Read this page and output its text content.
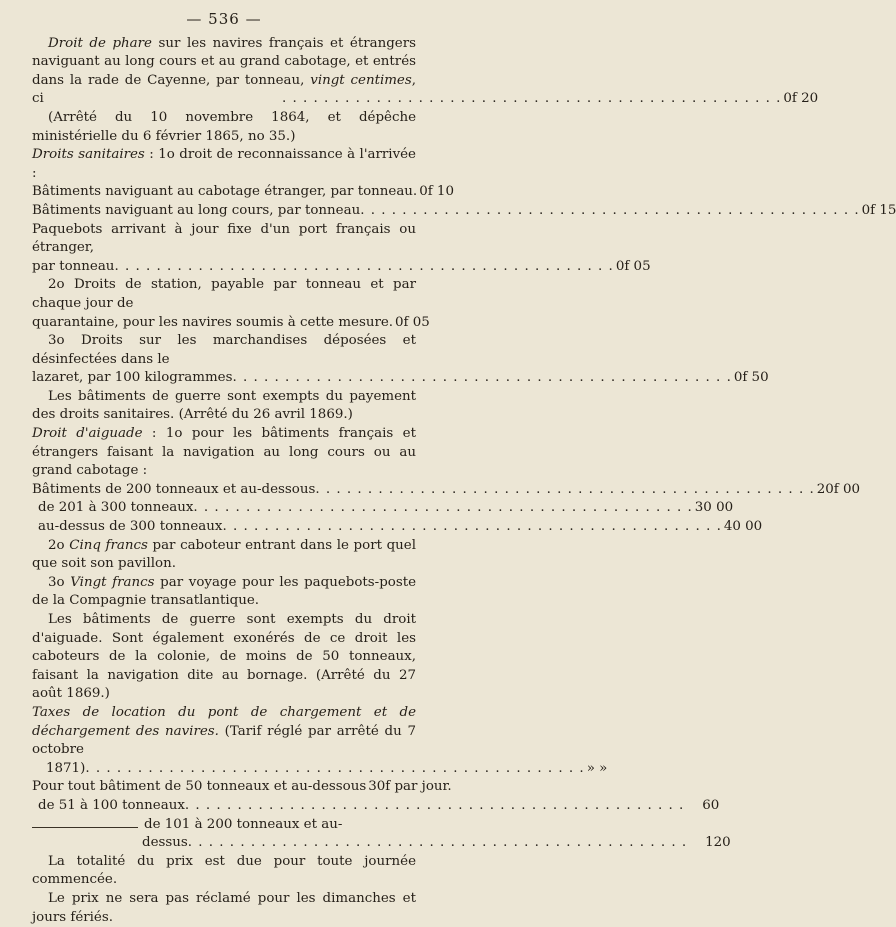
— 536 —

Droit de phare sur les navires français et étrangers naviguant au long cours et au grand cabotage, et entrés dans la rade de Cayenne, par tonneau, vingt centimes, ci . . .	0f 20

(Arrêté du 10 novembre 1864, et dépêche ministérielle du 6 février 1865, no 35.)

Droits sanitaires : 1o droit de reconnaissance à l'arrivée :

Bâtiments naviguant au cabotage étranger, par tonneau. 0f 10
Bâtiments naviguant au long cours, par tonneau . . .	0f 15

Paquebots arrivant à jour fixe d'un port français ou étranger,

par tonneau . . .	0f 05

2o Droits de station, payable par tonneau et par chaque jour de

quarantaine, pour les navires soumis à cette mesure. 0f 05

3o Droits sur les marchandises déposées et désinfectées dans le

lazaret, par 100 kilogrammes . . .	0f 50

Les bâtiments de guerre sont exempts du payement des droits sanitaires. (Arrêté du 26 avril 1869.)

Droit d'aiguade : 1o pour les bâtiments français et étrangers faisant la navigation au long cours ou au grand cabotage :

Bâtiments de 200 tonneaux et au-dessous . . .	20f 00
de 201 à 300 tonneaux . . .	30 00
au-dessus de 300 tonneaux . . .	40 00

2o Cinq francs par caboteur entrant dans le port quel que soit son pavillon.

3o Vingt francs par voyage pour les paquebots-poste de la Compagnie transatlantique.

Les bâtiments de guerre sont exempts du droit d'aiguade. Sont également exonérés de ce droit les caboteurs de la colonie, de moins de 50 tonneaux, faisant la navigation dite au bornage. (Arrêté du 27 août 1869.)

Taxes de location du pont de chargement et de déchargement des navires. (Tarif réglé par arrêté du 7 octobre

1871) . . .	» »
Pour tout bâtiment de 50 tonneaux et au-dessous 30f par jour.
de 51 à 100 tonneaux . . .	60
de 101 à 200 tonneaux et au-
dessus . . .	120

La totalité du prix est due pour toute journée commencée.

Le prix ne sera pas réclamé pour les dimanches et jours fériés.
